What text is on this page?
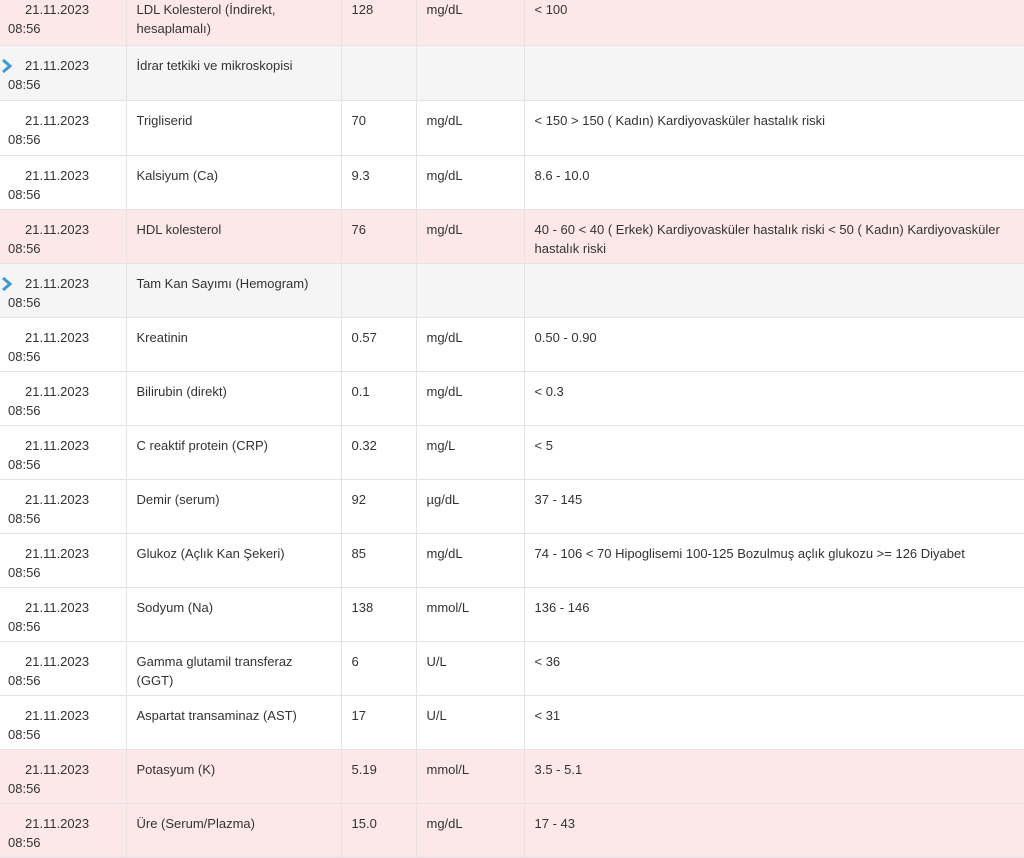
21.11.2023
08:56	LDL Kolesterol (İndirekt, hesaplamalı)	128	mg/dL	< 100

21.11.2023
08:56	İdrar tetkiki ve mikroskopisi			

21.11.2023
08:56	Trigliserid	70	mg/dL	< 150 > 150 ( Kadın) Kardiyovasküler hastalık riski

21.11.2023
08:56	Kalsiyum (Ca)	9.3	mg/dL	8.6 - 10.0

21.11.2023
08:56	HDL kolesterol	76	mg/dL	40 - 60 < 40 ( Erkek) Kardiyovasküler hastalık riski < 50 ( Kadın) Kardiyovasküler hastalık riski

21.11.2023
08:56	Tam Kan Sayımı (Hemogram)			

21.11.2023
08:56	Kreatinin	0.57	mg/dL	0.50 - 0.90

21.11.2023
08:56	Bilirubin (direkt)	0.1	mg/dL	< 0.3

21.11.2023
08:56	C reaktif protein (CRP)	0.32	mg/L	< 5

21.11.2023
08:56	Demir (serum)	92	µg/dL	37 - 145

21.11.2023
08:56	Glukoz (Açlık Kan Şekeri)	85	mg/dL	74 - 106 < 70 Hipoglisemi 100-125 Bozulmuş açlık glukozu >= 126 Diyabet

21.11.2023
08:56	Sodyum (Na)	138	mmol/L	136 - 146

21.11.2023
08:56	Gamma glutamil transferaz (GGT)	6	U/L	< 36

21.11.2023
08:56	Aspartat transaminaz (AST)	17	U/L	< 31

21.11.2023
08:56	Potasyum (K)	5.19	mmol/L	3.5 - 5.1

21.11.2023
08:56	Üre (Serum/Plazma)	15.0	mg/dL	17 - 43
